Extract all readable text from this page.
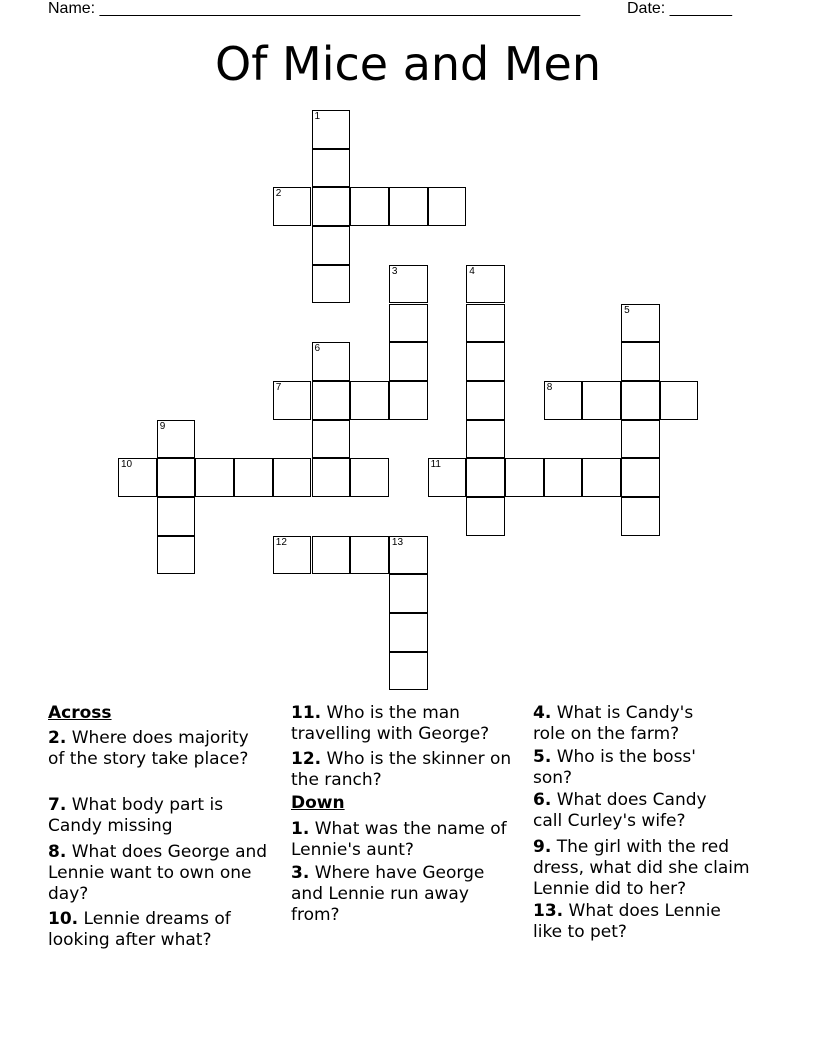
Name: ______________________________________________________	Date: _______
Of Mice and Men
2
7	8
10	11
12	13
1
3	4
5
6
9
Across
2. Where does majority of the story take place?
7. What body part is Candy missing
8. What does George and Lennie want to own one day?
10. Lennie dreams of looking after what?
11. Who is the man travelling with George?
12. Who is the skinner on the ranch?
Down
1. What was the name of Lennie's aunt?
3. Where have George and Lennie run away from?
4. What is Candy's role on the farm?
5. Who is the boss' son?
6. What does Candy call Curley's wife?
9. The girl with the red dress, what did she claim Lennie did to her?
13. What does Lennie like to pet?
